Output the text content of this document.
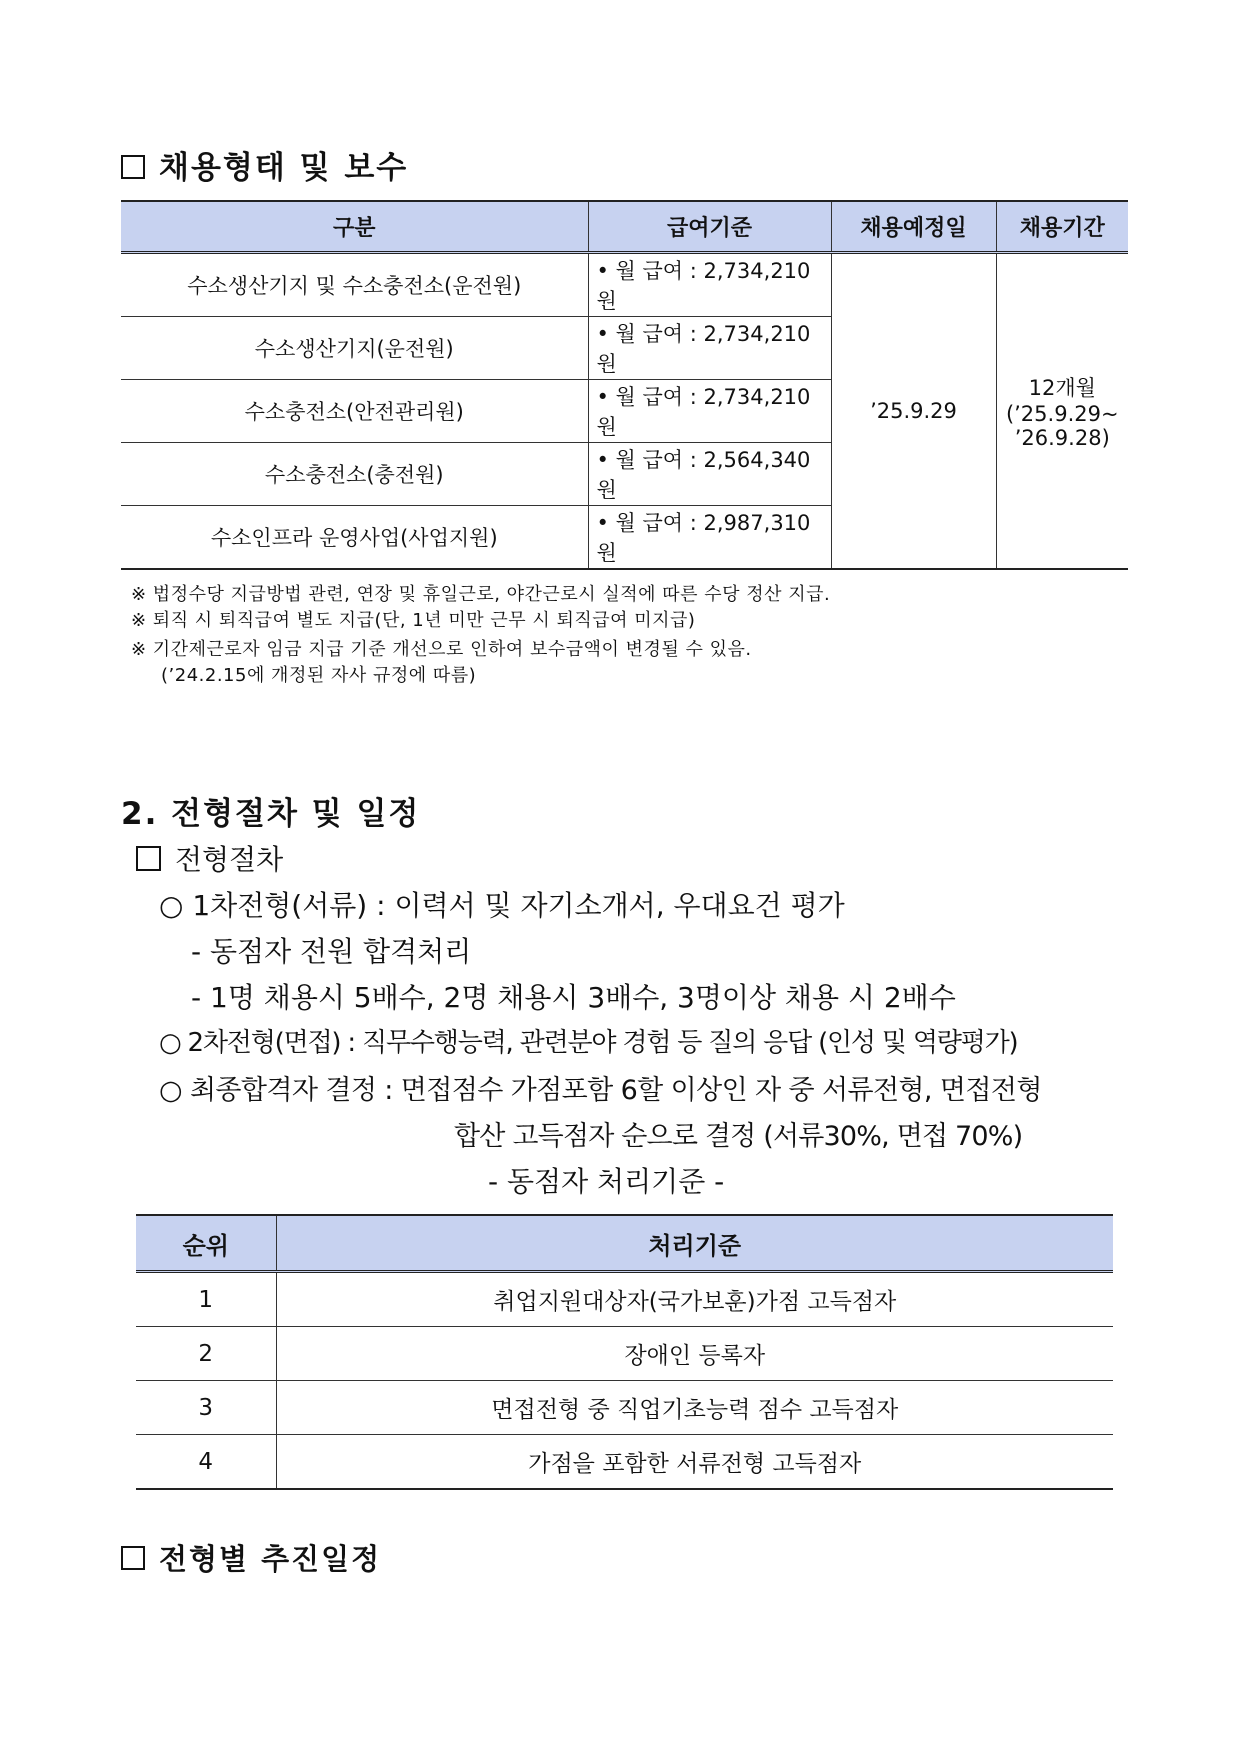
채용형태 및 보수
구분	급여기준	채용예정일	채용기간
수소생산기지 및 수소충전소(운전원)	• 월 급여 : 2,734,210원	’25.9.29	12개월
(’25.9.29~
’26.9.28)

수소생산기지(운전원)	• 월 급여 : 2,734,210원		
수소충전소(안전관리원)	• 월 급여 : 2,734,210원		
수소충전소(충전원)	• 월 급여 : 2,564,340원		
수소인프라 운영사업(사업지원)	• 월 급여 : 2,987,310원		
※ 법정수당 지급방법 관련, 연장 및 휴일근로, 야간근로시 실적에 따른 수당 정산 지급.
※ 퇴직 시 퇴직급여 별도 지급(단, 1년 미만 근무 시 퇴직급여 미지급)
※ 기간제근로자 임금 지급 기준 개선으로 인하여 보수금액이 변경될 수 있음.
(’24.2.15에 개정된 자사 규정에 따름)
2. 전형절차 및 일정
전형절차
○ 1차전형(서류) : 이력서 및 자기소개서, 우대요건 평가
- 동점자 전원 합격처리
- 1명 채용시 5배수, 2명 채용시 3배수, 3명이상 채용 시 2배수
○ 2차전형(면접) : 직무수행능력, 관련분야 경험 등 질의 응답 (인성 및 역량평가)
○ 최종합격자 결정 : 면접점수 가점포함 6할 이상인 자 중 서류전형, 면접전형
합산 고득점자 순으로 결정 (서류30%, 면접 70%)
- 동점자 처리기준 -
순위	처리기준
1	취업지원대상자(국가보훈)가점 고득점자
2	장애인 등록자
3	면접전형 중 직업기초능력 점수 고득점자
4	가점을 포함한 서류전형 고득점자
전형별 추진일정
